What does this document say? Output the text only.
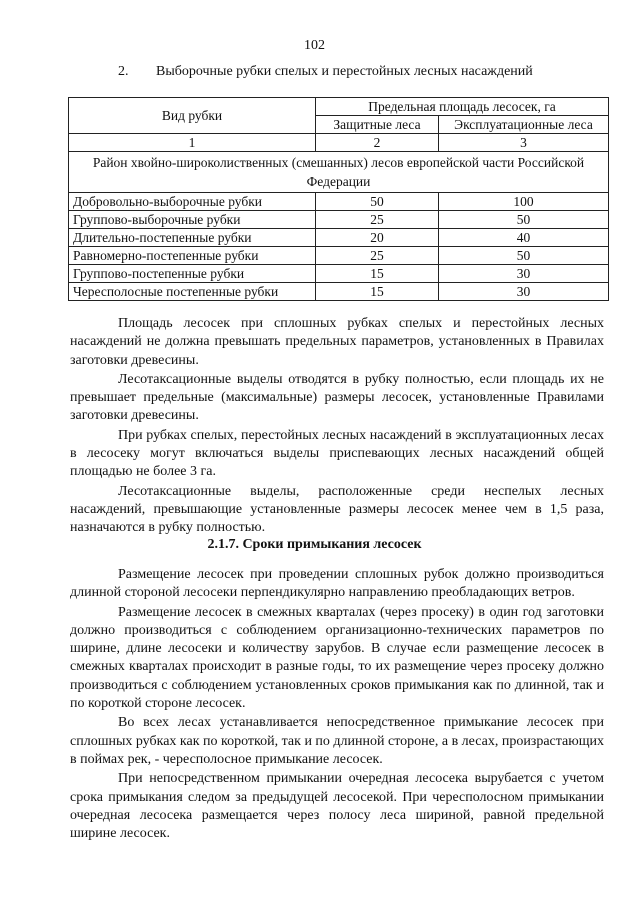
102
2. Выборочные рубки спелых и перестойных лесных насаждений
Вид рубки	Предельная площадь лесосек, га	
	Защитные леса	Эксплуатационные леса
1	2	3
Район хвойно-широколиственных (смешанных) лесов европейской части Российской Федерации		
Добровольно-выборочные рубки	50	100
Группово-выборочные рубки	25	50
Длительно-постепенные рубки	20	40
Равномерно-постепенные рубки	25	50
Группово-постепенные рубки	15	30
Чересполосные постепенные рубки	15	30

Площадь лесосек при сплошных рубках спелых и перестойных лесных насаждений не должна превышать предельных параметров, установленных в Правилах заготовки древесины.

Лесотаксационные выделы отводятся в рубку полностью, если площадь их не превышает предельные (максимальные) размеры лесосек, установленные Правилами заготовки древесины.

При рубках спелых, перестойных лесных насаждений в эксплуатационных лесах в лесосеку могут включаться выделы приспевающих лесных насаждений общей площадью не более 3 га.

Лесотаксационные выделы, расположенные среди неспелых лесных насаждений, превышающие установленные размеры лесосек менее чем в 1,5 раза, назначаются в рубку полностью.

2.1.7. Сроки примыкания лесосек

Размещение лесосек при проведении сплошных рубок должно производиться длинной стороной лесосеки перпендикулярно направлению преобладающих ветров.

Размещение лесосек в смежных кварталах (через просеку) в один год заготовки должно производиться с соблюдением организационно-технических параметров по ширине, длине лесосеки и количеству зарубов. В случае если размещение лесосек в смежных кварталах происходит в разные годы, то их размещение через просеку должно производиться с соблюдением установленных сроков примыкания как по длинной, так и по короткой стороне лесосек.

Во всех лесах устанавливается непосредственное примыкание лесосек при сплошных рубках как по короткой, так и по длинной стороне, а в лесах, произрастающих в поймах рек, - чересполосное примыкание лесосек.

При непосредственном примыкании очередная лесосека вырубается с учетом срока примыкания следом за предыдущей лесосекой. При чересполосном примыкании очередная лесосека размещается через полосу леса шириной, равной предельной ширине лесосек.
